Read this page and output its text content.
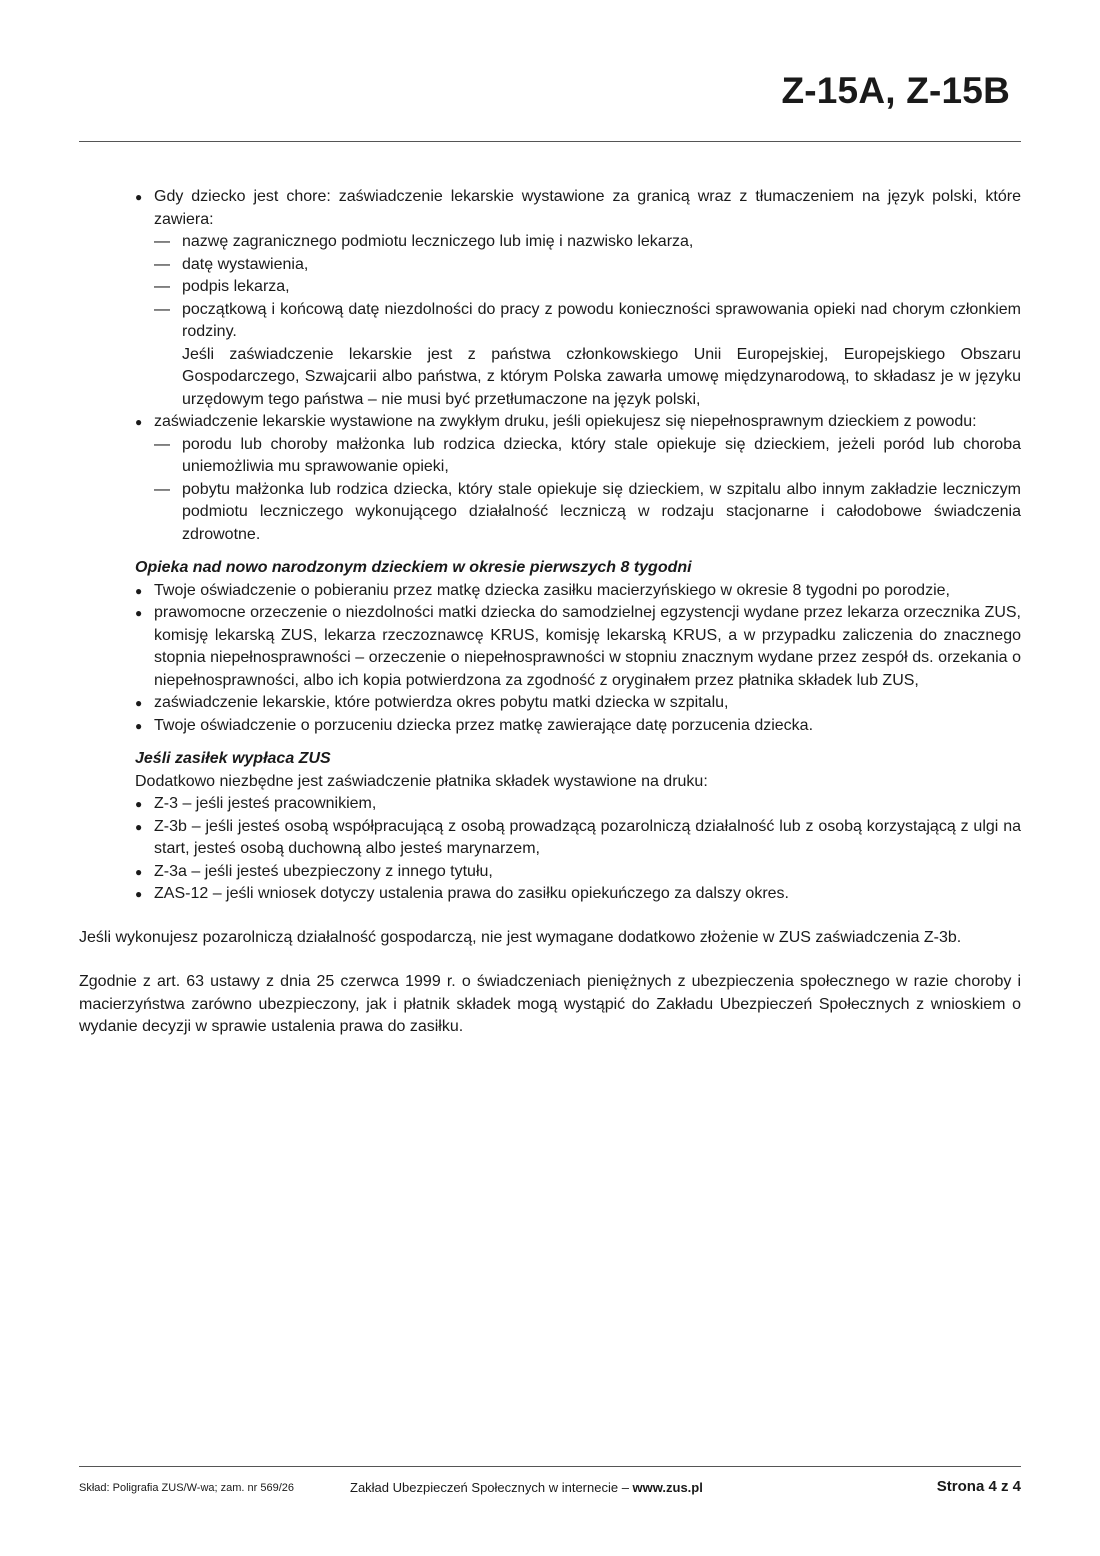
Z-15A, Z-15B
● Gdy dziecko jest chore: zaświadczenie lekarskie wystawione za granicą wraz z tłumaczeniem na język polski, które zawiera:
— nazwę zagranicznego podmiotu leczniczego lub imię i nazwisko lekarza,
— datę wystawienia,
— podpis lekarza,
— początkową i końcową datę niezdolności do pracy z powodu konieczności sprawowania opieki nad chorym członkiem rodziny.
Jeśli zaświadczenie lekarskie jest z państwa członkowskiego Unii Europejskiej, Europejskiego Obszaru Gospodarczego, Szwajcarii albo państwa, z którym Polska zawarła umowę międzynarodową, to składasz je w języku urzędowym tego państwa – nie musi być przetłumaczone na język polski,
● zaświadczenie lekarskie wystawione na zwykłym druku, jeśli opiekujesz się niepełnosprawnym dzieckiem z powodu:
— porodu lub choroby małżonka lub rodzica dziecka, który stale opiekuje się dzieckiem, jeżeli poród lub choroba uniemożliwia mu sprawowanie opieki,
— pobytu małżonka lub rodzica dziecka, który stale opiekuje się dzieckiem, w szpitalu albo innym zakładzie leczniczym podmiotu leczniczego wykonującego działalność leczniczą w rodzaju stacjonarne i całodobowe świadczenia zdrowotne.
Opieka nad nowo narodzonym dzieckiem w okresie pierwszych 8 tygodni
● Twoje oświadczenie o pobieraniu przez matkę dziecka zasiłku macierzyńskiego w okresie 8 tygodni po porodzie,
● prawomocne orzeczenie o niezdolności matki dziecka do samodzielnej egzystencji wydane przez lekarza orzecznika ZUS, komisję lekarską ZUS, lekarza rzeczoznawcę KRUS, komisję lekarską KRUS, a w przypadku zaliczenia do znacznego stopnia niepełnosprawności – orzeczenie o niepełnosprawności w stopniu znacznym wydane przez zespół ds. orzekania o niepełnosprawności, albo ich kopia potwierdzona za zgodność z oryginałem przez płatnika składek lub ZUS,
● zaświadczenie lekarskie, które potwierdza okres pobytu matki dziecka w szpitalu,
● Twoje oświadczenie o porzuceniu dziecka przez matkę zawierające datę porzucenia dziecka.
Jeśli zasiłek wypłaca ZUS
Dodatkowo niezbędne jest zaświadczenie płatnika składek wystawione na druku:
● Z-3 – jeśli jesteś pracownikiem,
● Z-3b – jeśli jesteś osobą współpracującą z osobą prowadzącą pozarolniczą działalność lub z osobą korzystającą z ulgi na start, jesteś osobą duchowną albo jesteś marynarzem,
● Z-3a – jeśli jesteś ubezpieczony z innego tytułu,
● ZAS-12 – jeśli wniosek dotyczy ustalenia prawa do zasiłku opiekuńczego za dalszy okres.

Jeśli wykonujesz pozarolniczą działalność gospodarczą, nie jest wymagane dodatkowo złożenie w ZUS zaświadczenia Z-3b.

Zgodnie z art. 63 ustawy z dnia 25 czerwca 1999 r. o świadczeniach pieniężnych z ubezpieczenia społecznego w razie choroby i macierzyństwa zarówno ubezpieczony, jak i płatnik składek mogą wystąpić do Zakładu Ubezpieczeń Społecznych z wnioskiem o wydanie decyzji w sprawie ustalenia prawa do zasiłku.

Skład: Poligrafia ZUS/W-wa; zam. nr 569/26	Zakład Ubezpieczeń Społecznych w internecie – www.zus.pl	Strona 4 z 4
